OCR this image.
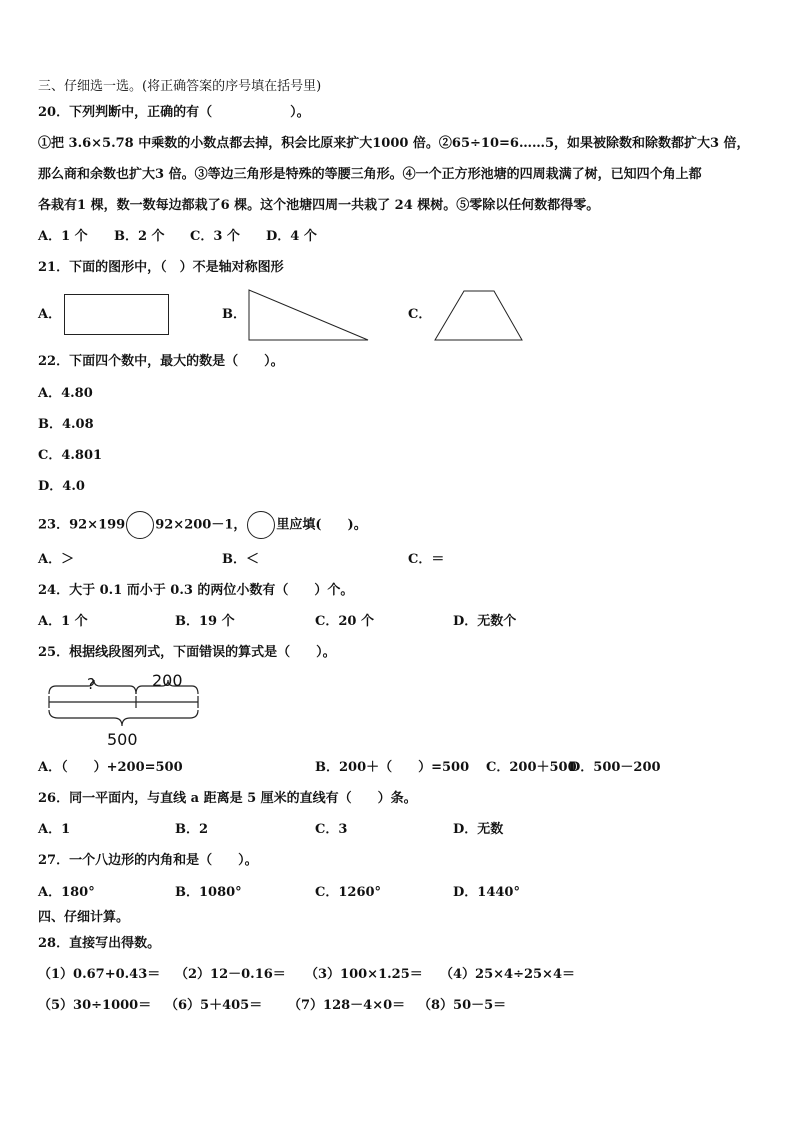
三、仔细选一选。(将正确答案的序号填在括号里)
20．下列判断中，正确的有（　　　　　　）。
①把 3.6×5.78 中乘数的小数点都去掉，积会比原来扩大1000 倍。②65÷10=6……5，如果被除数和除数都扩大3 倍，
那么商和余数也扩大3 倍。③等边三角形是特殊的等腰三角形。④一个正方形池塘的四周栽满了树，已知四个角上都
各栽有1 棵，数一数每边都栽了6 棵。这个池塘四周一共栽了 24 棵树。⑤零除以任何数都得零。
A．1 个 B．2 个 C．3 个 D．4 个
21．下面的图形中，（　）不是轴对称图形
A．	B．	C．
22．下面四个数中，最大的数是（　　）。
A．4.80
B．4.08
C．4.801
D．4.0
23．92×199 92×200－1， 里应填(　　)。
A．＞	B．＜	C．＝
24．大于 0.1 而小于 0.3 的两位小数有（　　）个。
A．1 个	B．19 个	C．20 个	D．无数个
25．根据线段图列式，下面错误的算式是（　　）。
?	200
500
A．（　　）+200=500	B．200＋（　　）=500 C．200＋500
D．500－200
26．同一平面内，与直线 a 距离是 5 厘米的直线有（　　）条。
A．1	B．2	C．3	D．无数
27．一个八边形的内角和是（　　）。
A．180°	B．1080°	C．1260°	D．1440°
四、仔细计算。
28．直接写出得数。
（1）0.67+0.43＝ （2）12－0.16＝ （3）100×1.25＝ （4）25×4÷25×4＝
（5）30÷1000＝ （6）5＋405＝ （7）128－4×0＝ （8）50－5＝
